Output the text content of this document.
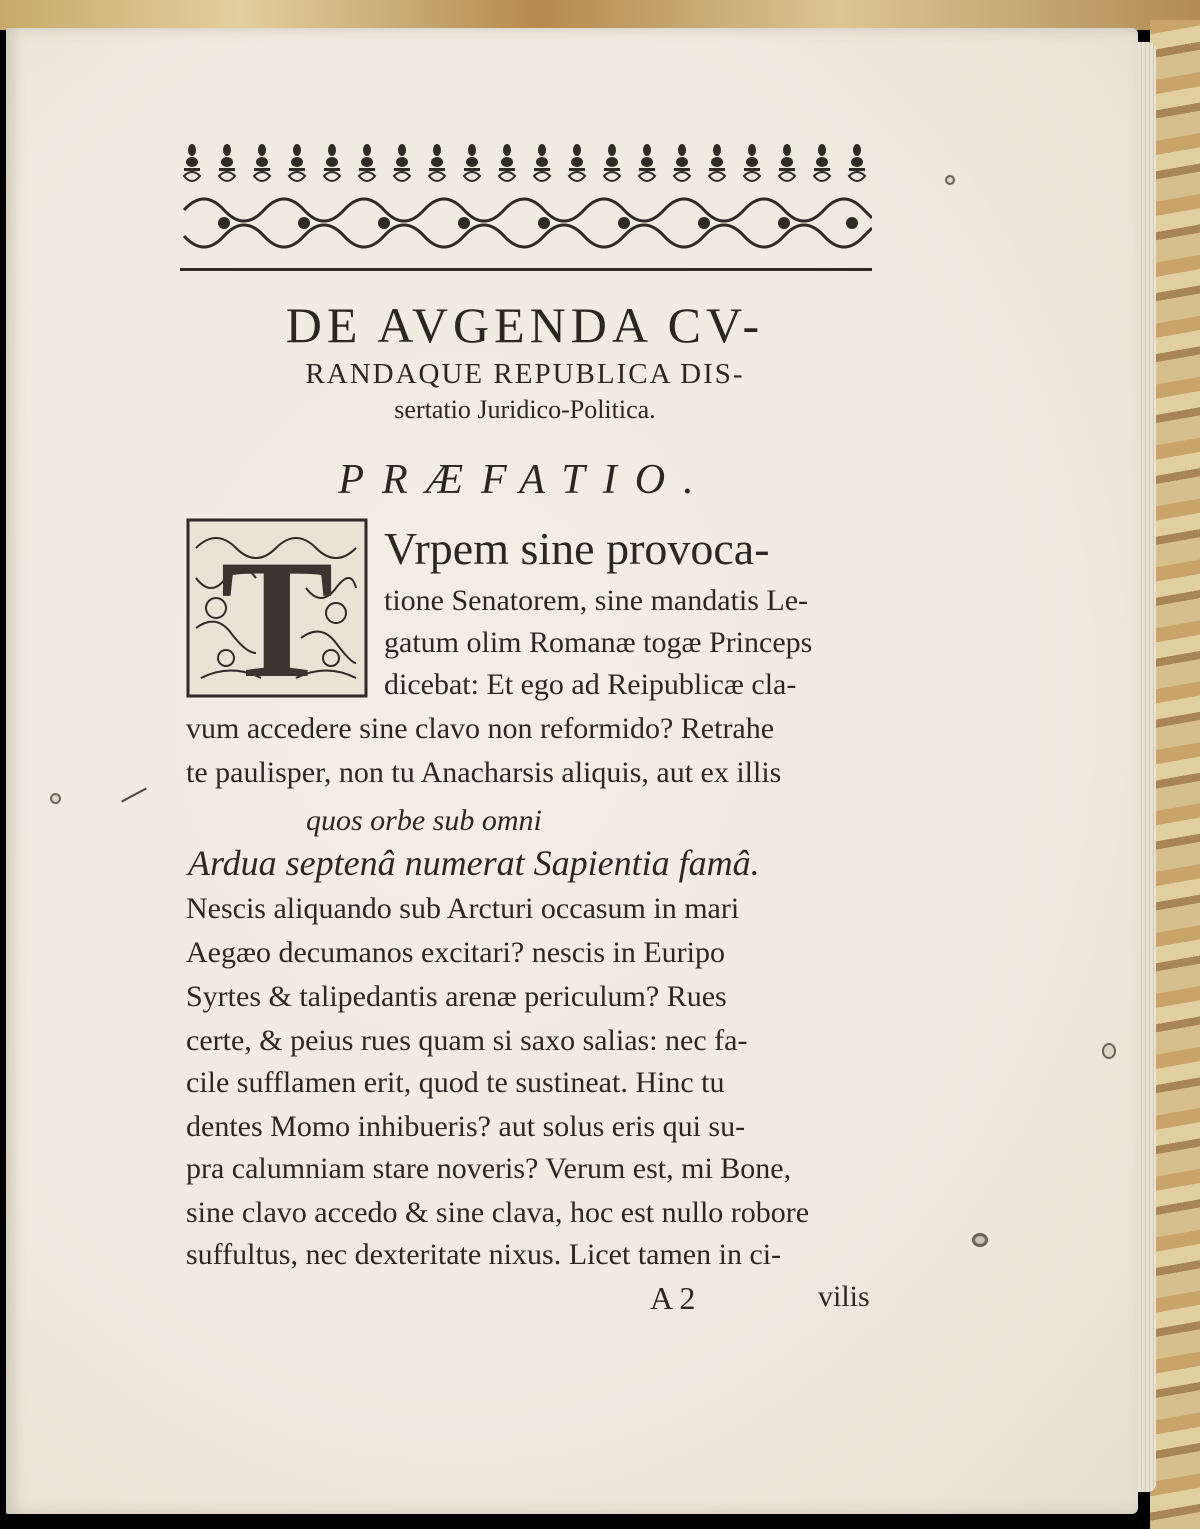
DE AVGENDA CV-
RANDAQUE REPUBLICA DIS-
sertatio Juridico-Politica.
PRÆFATIO.
T Vrpem sine provoca-
tione Senatorem, sine mandatis Le-
gatum olim Romanæ togæ Princeps
dicebat: Et ego ad Reipublicæ cla-
vum accedere sine clavo non reformido? Retrahe
te paulisper, non tu Anacharsis aliquis, aut ex illis
quos orbe sub omni
Ardua septenâ numerat Sapientia famâ.
Nescis aliquando sub Arcturi occasum in mari
Aegæo decumanos excitari? nescis in Euripo
Syrtes & talipedantis arenæ periculum? Rues
certe, & peius rues quam si saxo salias: nec fa-
cile sufflamen erit, quod te sustineat. Hinc tu
dentes Momo inhibueris? aut solus eris qui su-
pra calumniam stare noveris? Verum est, mi Bone,
sine clavo accedo & sine clava, hoc est nullo robore
suffultus, nec dexteritate nixus. Licet tamen in ci-
A 2	vilis
